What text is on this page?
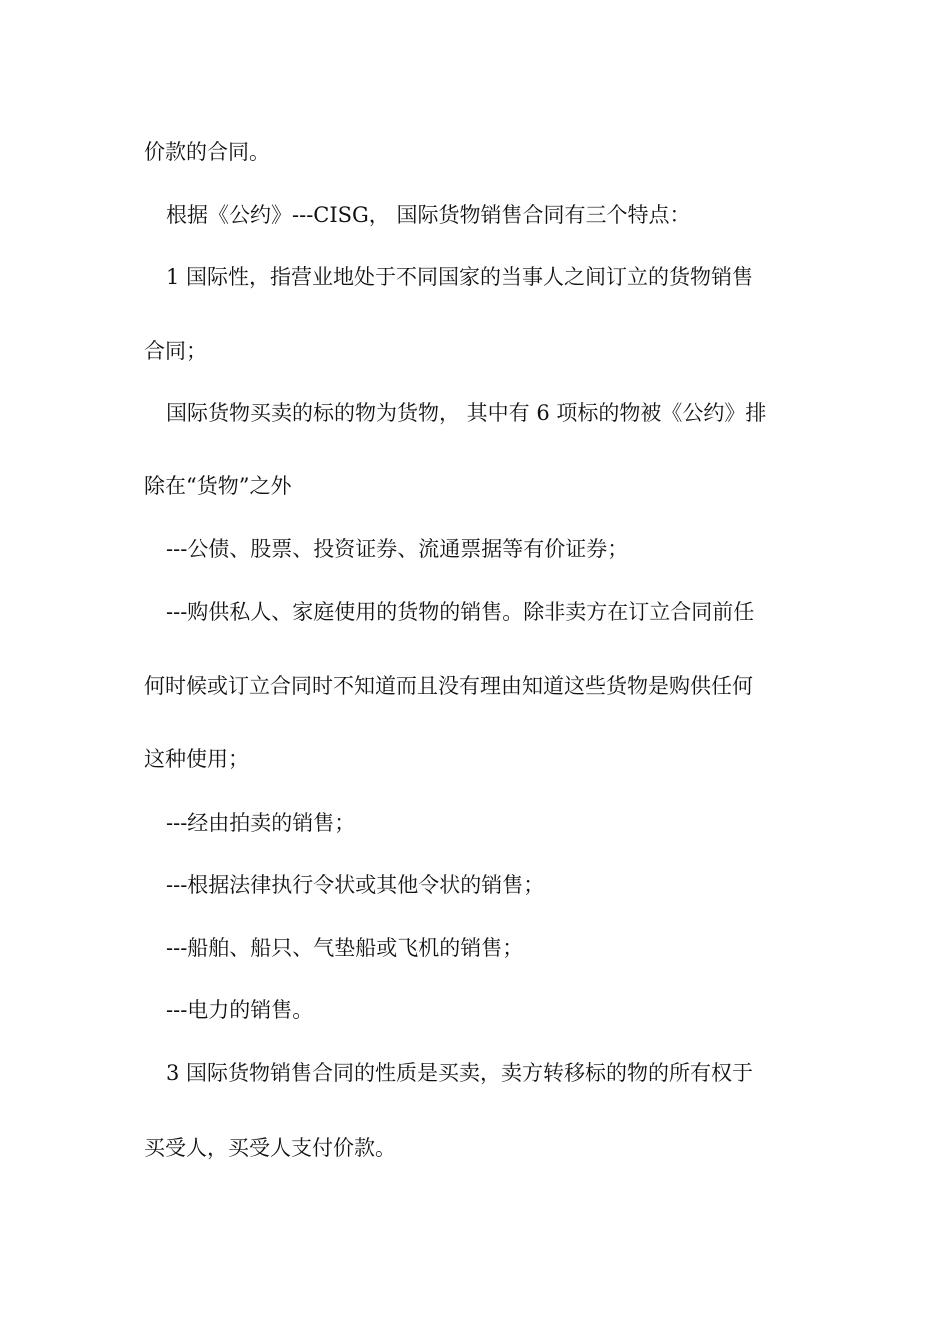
价款的合同。
根据《公约》---CISG， 国际货物销售合同有三个特点：
1 国际性，指营业地处于不同国家的当事人之间订立的货物销售
合同；
国际货物买卖的标的物为货物， 其中有 6 项标的物被《公约》排
除在“货物”之外
---公债、股票、投资证券、流通票据等有价证券；
---购供私人、家庭使用的货物的销售。除非卖方在订立合同前任
何时候或订立合同时不知道而且没有理由知道这些货物是购供任何
这种使用；
---经由拍卖的销售；
---根据法律执行令状或其他令状的销售；
---船舶、船只、气垫船或飞机的销售；
---电力的销售。
3 国际货物销售合同的性质是买卖，卖方转移标的物的所有权于
买受人，买受人支付价款。
